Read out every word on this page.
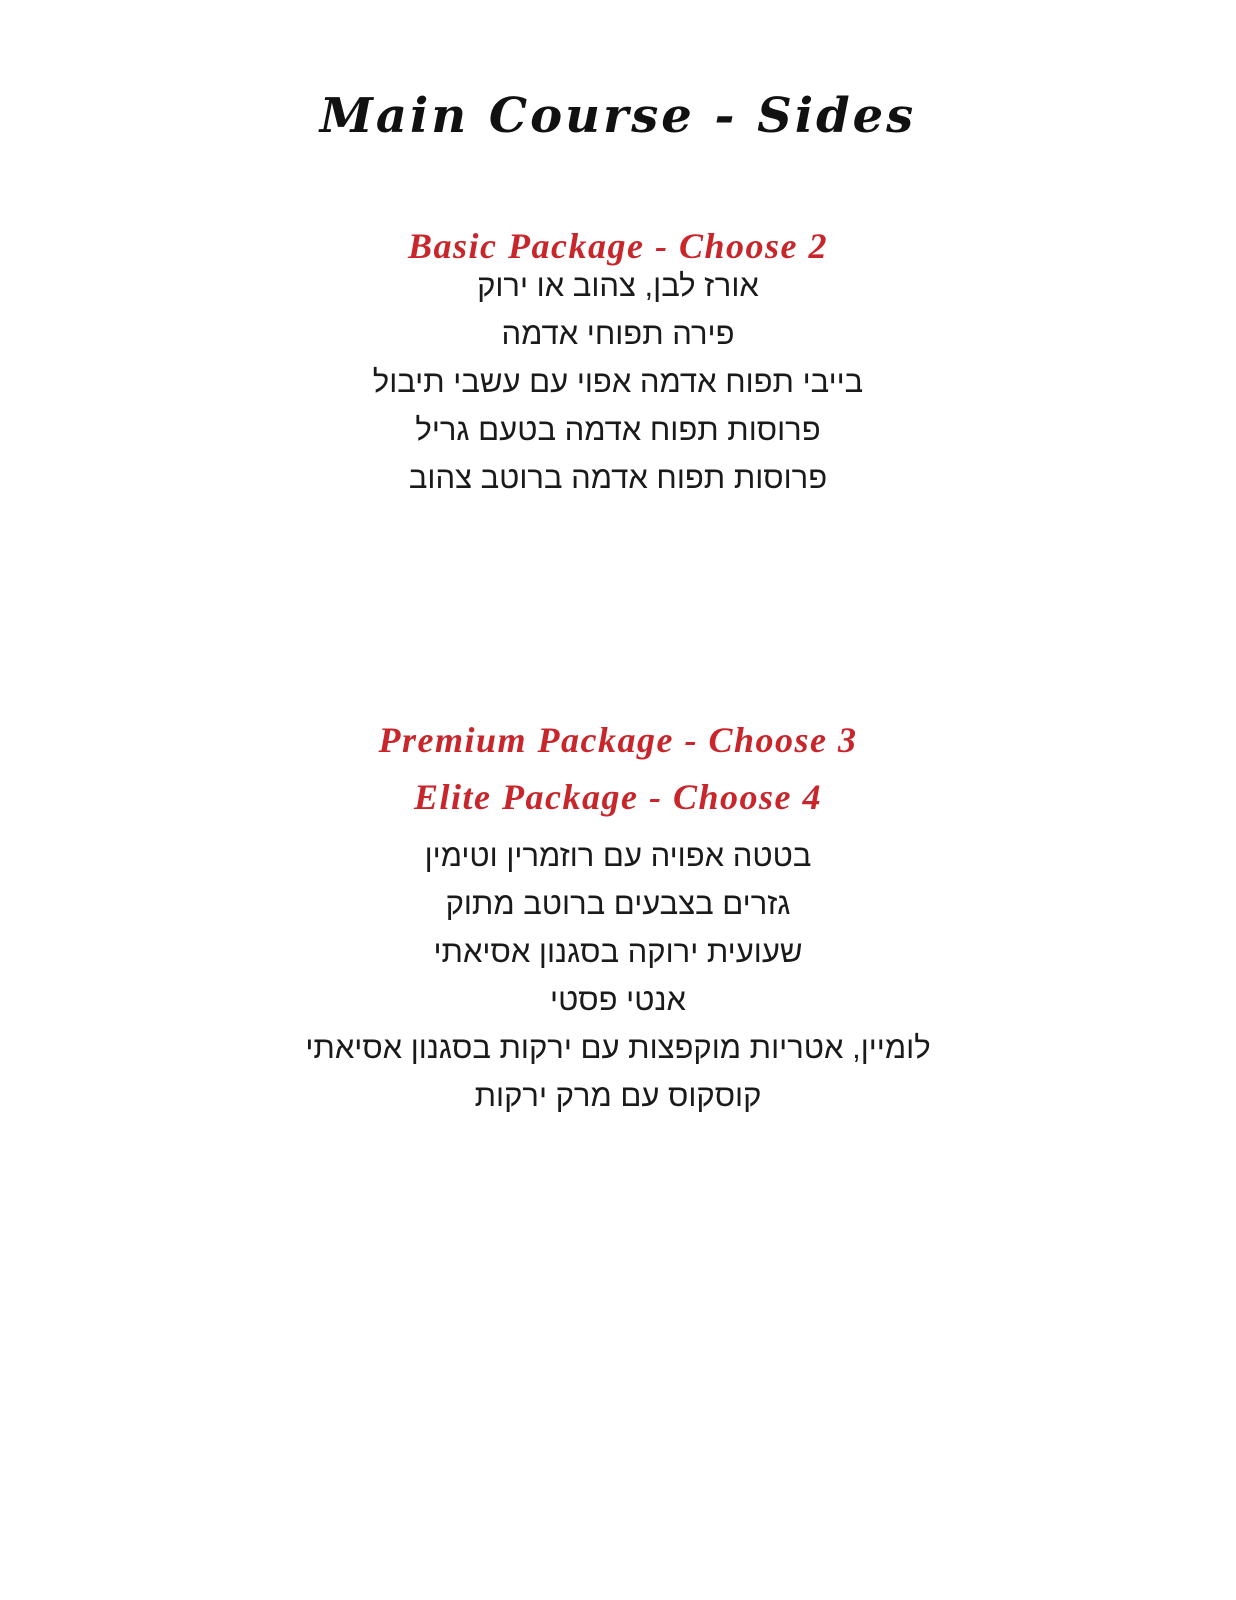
Main Course - Sides
Basic Package - Choose 2
אורז לבן, צהוב או ירוק
פירה תפוחי אדמה
בייבי תפוח אדמה אפוי עם עשבי תיבול
פרוסות תפוח אדמה בטעם גריל
פרוסות תפוח אדמה ברוטב צהוב
Premium Package - Choose 3
Elite Package - Choose 4
בטטה אפויה עם רוזמרין וטימין
גזרים בצבעים ברוטב מתוק
שעועית ירוקה בסגנון אסיאתי
אנטי פסטי
לומיין, אטריות מוקפצות עם ירקות בסגנון אסיאתי
קוסקוס עם מרק ירקות
